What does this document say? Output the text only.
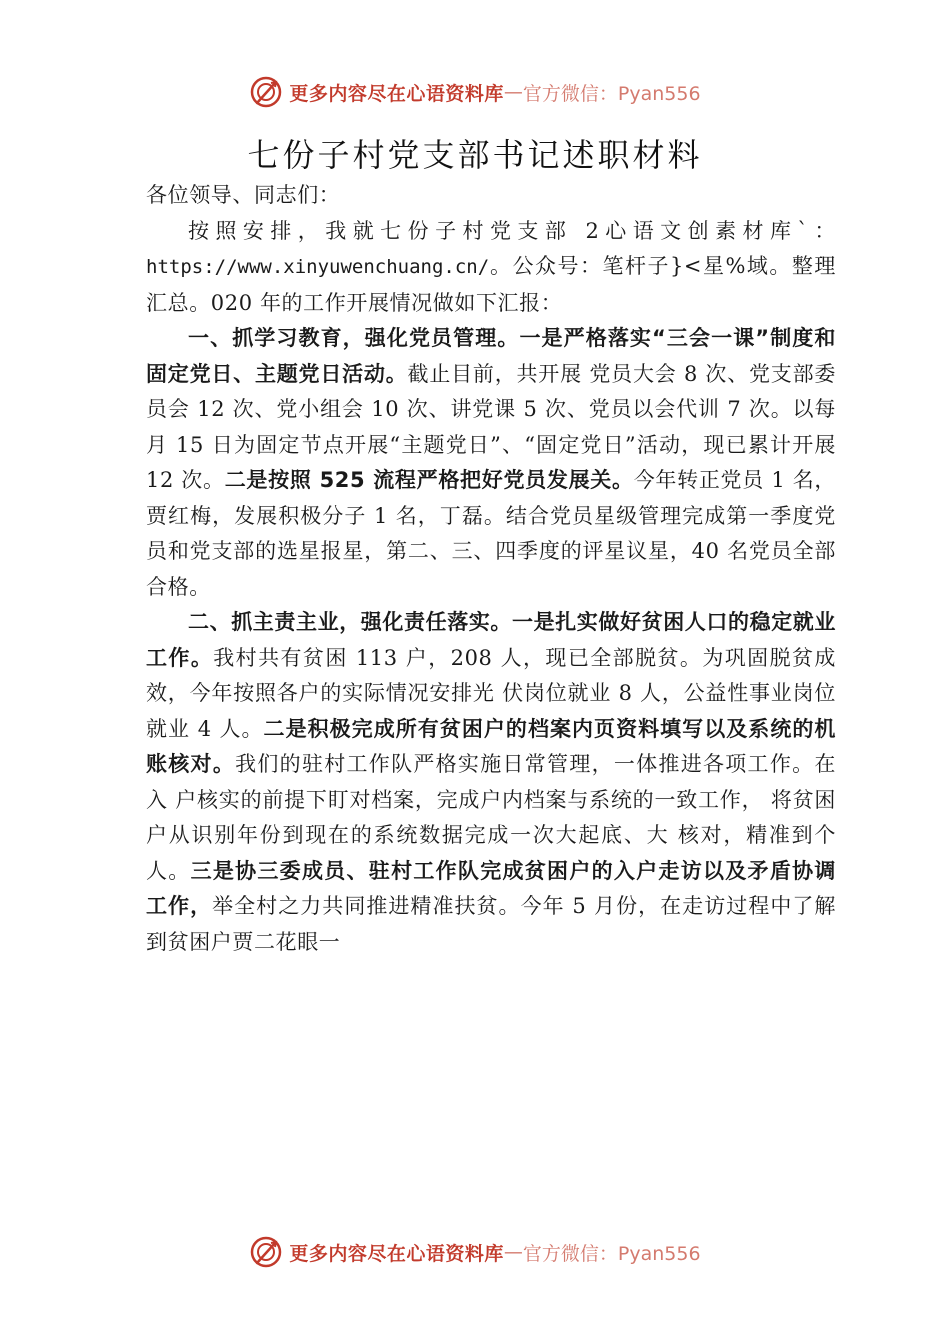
更多内容尽在心语资料库 — 官方微信：Pyan556
七份子村党支部书记述职材料

各位领导、同志们：

按照安排，我就七份子村党支部 2心语文创素材库`：https://www.xinyuwenchuang.cn/。公众号：笔杆子}<星%域。整理汇总。020 年的工作开展情况做如下汇报：

一、抓学习教育，强化党员管理。一是严格落实“三会一课”制度和固定党日、主题党日活动。截止目前，共开展 党员大会 8 次、党支部委员会 12 次、党小组会 10 次、讲党课 5 次、党员以会代训 7 次。以每月 15 日为固定节点开展“主题党日”、“固定党日”活动，现已累计开展 12 次。二是按照 525 流程严格把好党员发展关。今年转正党员 1 名，贾红梅，发展积极分子 1 名，丁磊。结合党员星级管理完成第一季度党员和党支部的选星报星，第二、三、四季度的评星议星，40 名党员全部合格。

二、抓主责主业，强化责任落实。一是扎实做好贫困人口的稳定就业工作。我村共有贫困 113 户，208 人，现已全部脱贫。为巩固脱贫成效，今年按照各户的实际情况安排光 伏岗位就业 8 人，公益性事业岗位就业 4 人。二是积极完成所有贫困户的档案内页资料填写以及系统的机账核对。我们的驻村工作队严格实施日常管理，一体推进各项工作。在入 户核实的前提下盯对档案，完成户内档案与系统的一致工作， 将贫困户从识别年份到现在的系统数据完成一次大起底、大 核对，精准到个人。三是协三委成员、驻村工作队完成贫困户的入户走访以及矛盾协调工作，举全村之力共同推进精准扶贫。今年 5 月份，在走访过程中了解到贫困户贾二花眼一

更多内容尽在心语资料库 — 官方微信：Pyan556
